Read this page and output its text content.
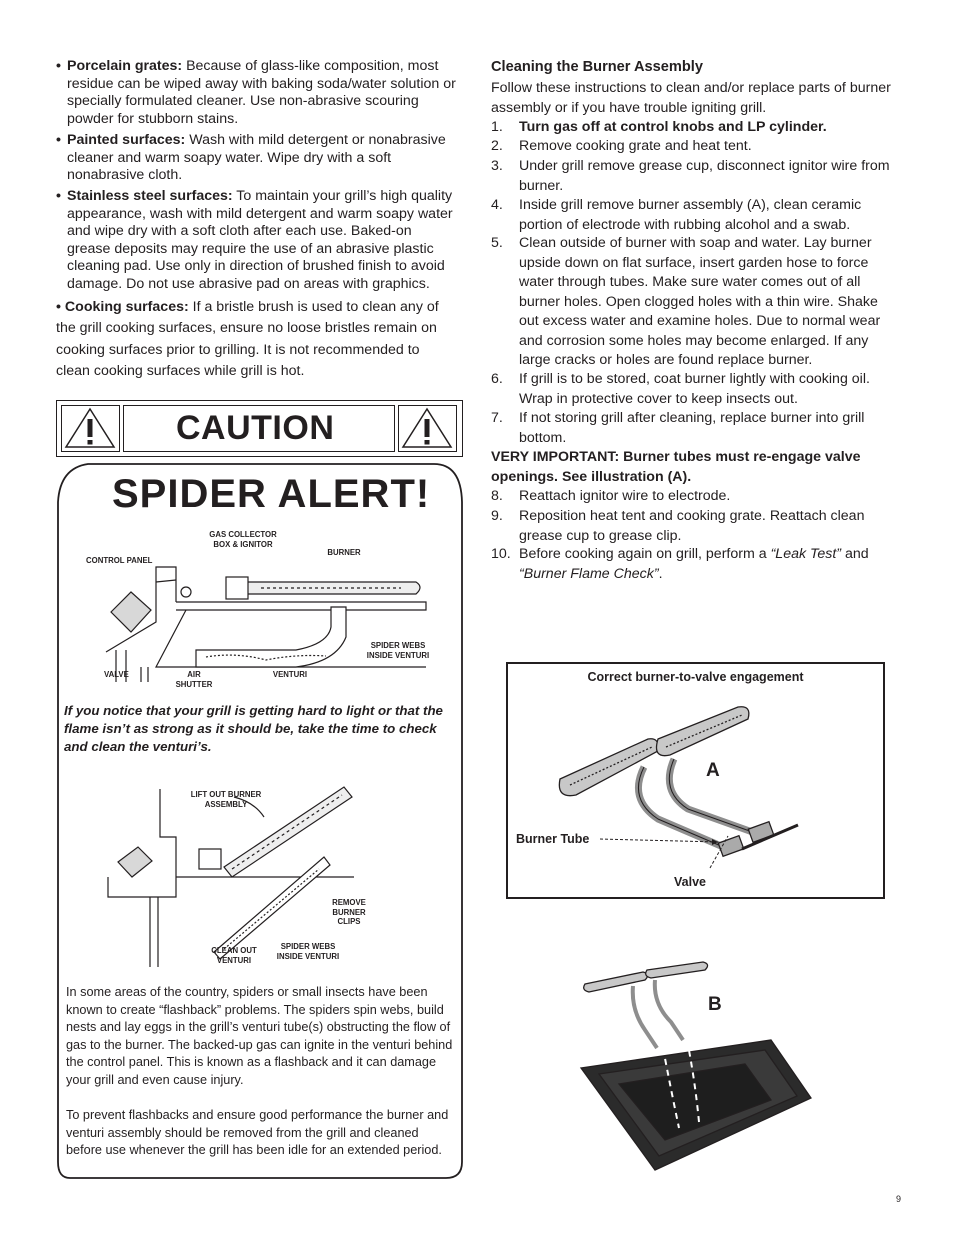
• Porcelain grates: Because of glass-like composition, most residue can be wiped away with baking soda/water solution or specially formulated cleaner. Use non-abrasive scouring powder for stubborn stains.
• Painted surfaces: Wash with mild detergent or nonabrasive cleaner and warm soapy water. Wipe dry with a soft nonabrasive cloth.
• Stainless steel surfaces: To maintain your grill’s high quality appearance, wash with mild detergent and warm soapy water and wipe dry with a soft cloth after each use. Baked-on grease deposits may require the use of an abrasive plastic cleaning pad. Use only in direction of brushed finish to avoid damage. Do not use abrasive pad on areas with graphics.
• Cooking surfaces: If a bristle brush is used to clean any of the grill cooking surfaces, ensure no loose bristles remain on cooking surfaces prior to grilling. It is not recommended to clean cooking surfaces while grill is hot.
CAUTION
SPIDER ALERT!
GAS COLLECTOR BOX & IGNITOR
BURNER
CONTROL PANEL
SPIDER WEBS INSIDE VENTURI
VALVE	AIR SHUTTER
VENTURI
If you notice that your grill is getting hard to light or that the flame isn’t as strong as it should be, take the time to check and clean the venturi’s.
LIFT OUT BURNER ASSEMBLY
REMOVE BURNER CLIPS
CLEAN OUT VENTURI
SPIDER WEBS INSIDE VENTURI
In some areas of the country, spiders or small insects have been known to create “flashback” problems. The spiders spin webs, build nests and lay eggs in the grill’s venturi tube(s) obstructing the flow of gas to the burner. The backed-up gas can ignite in the venturi behind the control panel. This is known as a flashback and it can damage your grill and even cause injury.
To prevent flashbacks and ensure good performance the burner and venturi assembly should be removed from the grill and cleaned before use whenever the grill has been idle for an extended period.
Cleaning the Burner Assembly
Follow these instructions to clean and/or replace parts of burner assembly or if you have trouble igniting grill.
1. Turn gas off at control knobs and LP cylinder.
2. Remove cooking grate and heat tent.
3. Under grill remove grease cup, disconnect ignitor wire from burner.
4. Inside grill remove burner assembly (A), clean ceramic portion of electrode with rubbing alcohol and a swab.
5. Clean outside of burner with soap and water. Lay burner upside down on flat surface, insert garden hose to force water through tubes. Make sure water comes out of all burner holes. Open clogged holes with a thin wire. Shake out excess water and examine holes. Due to normal wear and corrosion some holes may become enlarged. If any large cracks or holes are found replace burner.
6. If grill is to be stored, coat burner lightly with cooking oil. Wrap in protective cover to keep insects out.
7. If not storing grill after cleaning, replace burner into grill bottom.
VERY IMPORTANT: Burner tubes must re-engage valve openings. See illustration (A).
8. Reattach ignitor wire to electrode.
9. Reposition heat tent and cooking grate. Reattach clean grease cup to grease clip.
10. Before cooking again on grill, perform a “Leak Test” and “Burner Flame Check”.
Correct burner-to-valve engagement
A
Burner Tube
Valve
B
9
